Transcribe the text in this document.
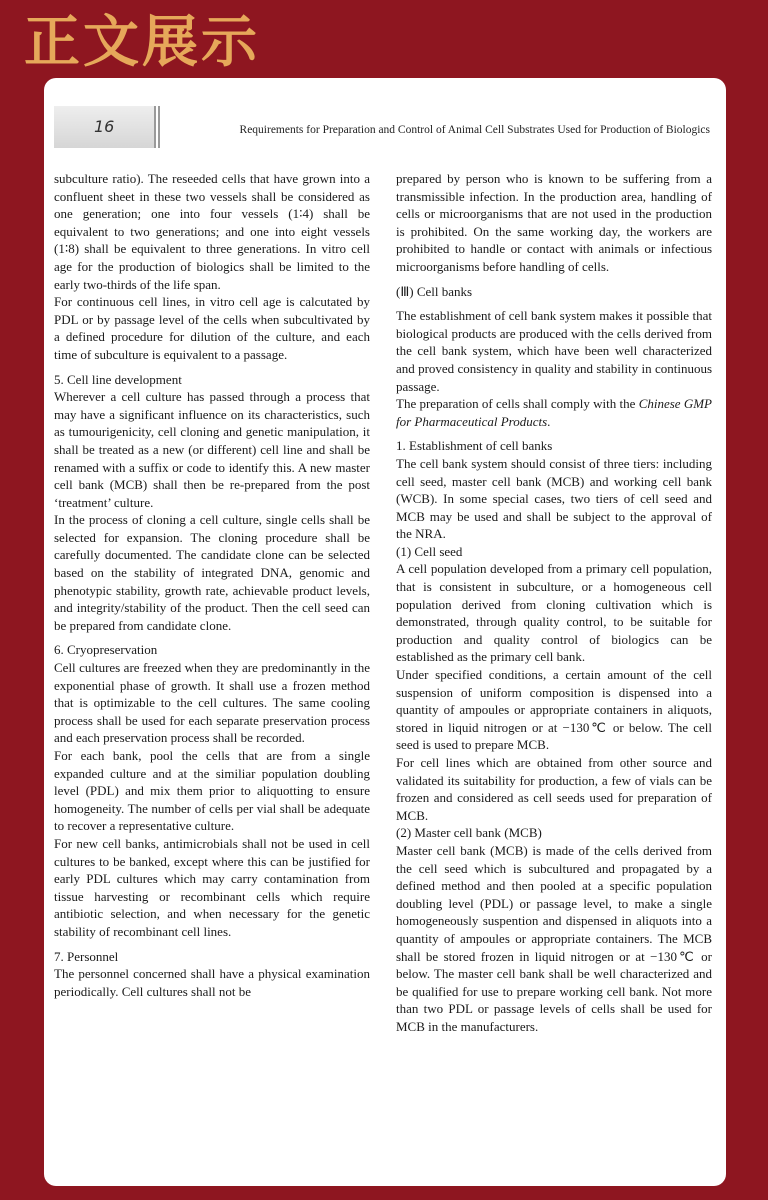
正文展示
16	Requirements for Preparation and Control of Animal Cell Substrates Used for Production of Biologics

subculture ratio). The reseeded cells that have grown into a confluent sheet in these two vessels shall be considered as one generation; one into four vessels (1∶4) shall be equivalent to two generations; and one into eight vessels (1∶8) shall be equivalent to three generations. In vitro cell age for the production of biologics shall be limited to the early two-thirds of the life span.

For continuous cell lines, in vitro cell age is calcutated by PDL or by passage level of the cells when subcultivated by a defined procedure for dilution of the culture, and each time of subculture is equivalent to a passage.

5. Cell line development

Wherever a cell culture has passed through a process that may have a significant influence on its characteristics, such as tumourigenicity, cell cloning and genetic manipulation, it shall be treated as a new (or different) cell line and shall be renamed with a suffix or code to identify this. A new master cell bank (MCB) shall then be re-prepared from the post ‘treatment’ culture.

In the process of cloning a cell culture, single cells shall be selected for expansion. The cloning procedure shall be carefully documented. The candidate clone can be selected based on the stability of integrated DNA, genomic and phenotypic stability, growth rate, achievable product levels, and integrity/stability of the product. Then the cell seed can be prepared from candidate clone.

6. Cryopreservation

Cell cultures are freezed when they are predominantly in the exponential phase of growth. It shall use a frozen method that is optimizable to the cell cultures. The same cooling process shall be used for each separate preservation process and each preservation process shall be recorded.

For each bank, pool the cells that are from a single expanded culture and at the similiar population doubling level (PDL) and mix them prior to aliquotting to ensure homogeneity. The number of cells per vial shall be adequate to recover a representative culture.

For new cell banks, antimicrobials shall not be used in cell cultures to be banked, except where this can be justified for early PDL cultures which may carry contamination from tissue harvesting or recombinant cells which require antibiotic selection, and when necessary for the genetic stability of recombinant cell lines.

7. Personnel

The personnel concerned shall have a physical examination periodically. Cell cultures shall not be

prepared by person who is known to be suffering from a transmissible infection. In the production area, handling of cells or microorganisms that are not used in the production is prohibited. On the same working day, the workers are prohibited to handle or contact with animals or infectious microorganisms before handling of cells.

(Ⅲ) Cell banks

The establishment of cell bank system makes it possible that biological products are produced with the cells derived from the cell bank system, which have been well characterized and proved consistency in quality and stability in continuous passage.

The preparation of cells shall comply with the Chinese GMP for Pharmaceutical Products.

1. Establishment of cell banks

The cell bank system should consist of three tiers: including cell seed, master cell bank (MCB) and working cell bank (WCB). In some special cases, two tiers of cell seed and MCB may be used and shall be subject to the approval of the NRA.

(1) Cell seed

A cell population developed from a primary cell population, that is consistent in subculture, or a homogeneous cell population derived from cloning cultivation which is demonstrated, through quality control, to be suitable for production and quality control of biologics can be established as the primary cell bank.

Under specified conditions, a certain amount of the cell suspension of uniform composition is dispensed into a quantity of ampoules or appropriate containers in aliquots, stored in liquid nitrogen or at −130℃ or below. The cell seed is used to prepare MCB.

For cell lines which are obtained from other source and validated its suitability for production, a few of vials can be frozen and considered as cell seeds used for preparation of MCB.

(2) Master cell bank (MCB)

Master cell bank (MCB) is made of the cells derived from the cell seed which is subcultured and propagated by a defined method and then pooled at a specific population doubling level (PDL) or passage level, to make a single homogeneously suspention and dispensed in aliquots into a quantity of ampoules or appropriate containers. The MCB shall be stored frozen in liquid nitrogen or at −130℃ or below. The master cell bank shall be well characterized and be qualified for use to prepare working cell bank. Not more than two PDL or passage levels of cells shall be used for MCB in the manufacturers.
